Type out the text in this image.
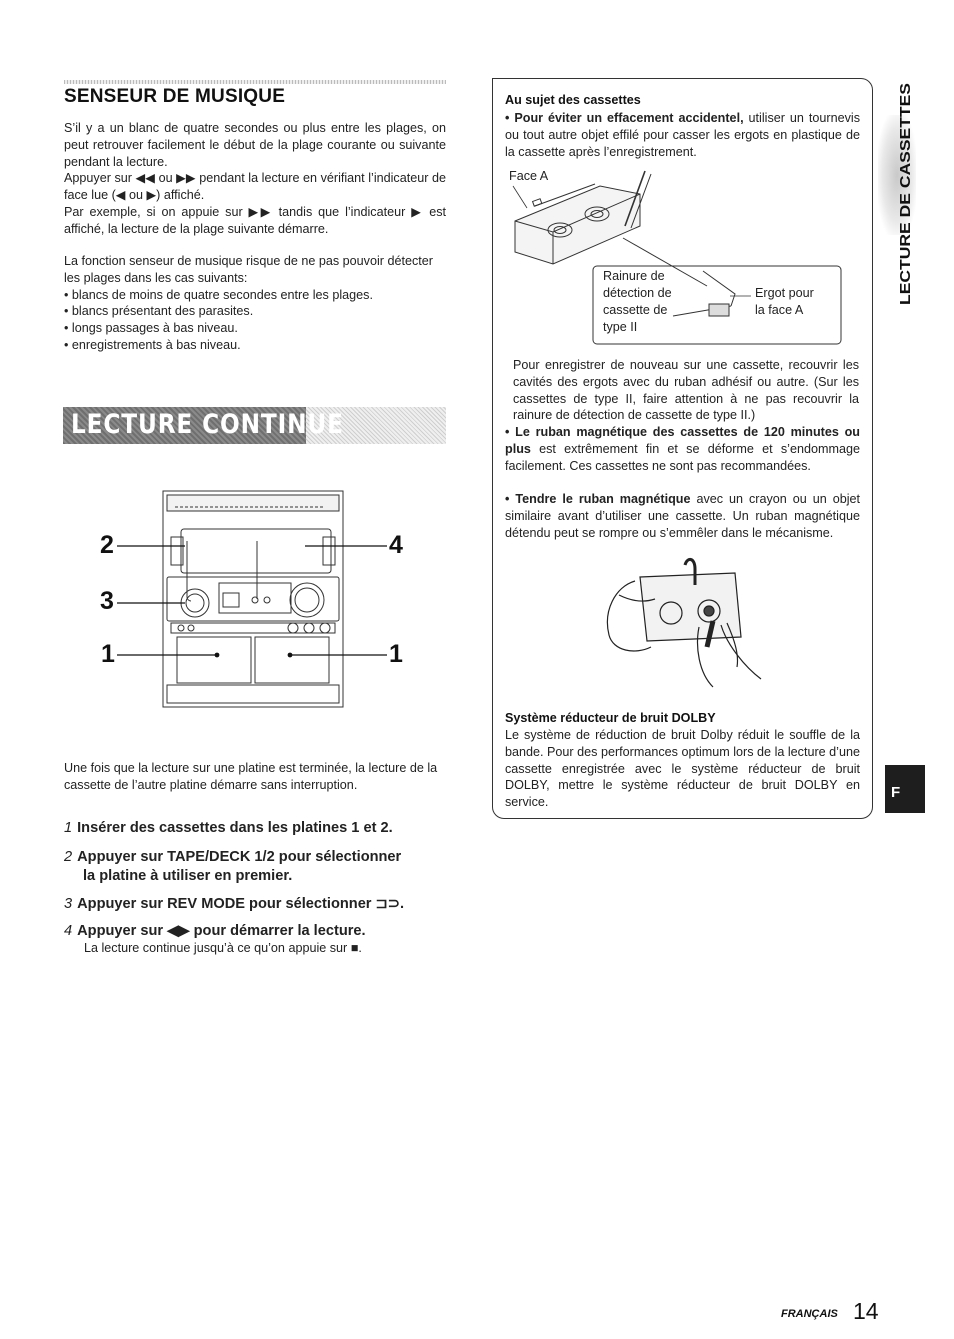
SENSEUR DE MUSIQUE

S’il y a un blanc de quatre secondes ou plus entre les plages, on peut retrouver facilement le début de la plage courante ou suivante pendant la lecture.

Appuyer sur ◀◀ ou ▶▶ pendant la lecture en vérifiant l’indicateur de face lue (◀ ou ▶) affiché.

Par exemple, si on appuie sur ▶▶ tandis que l’indicateur ▶ est affiché, la lecture de la plage suivante démarre.

La fonction senseur de musique risque de ne pas pouvoir détecter les plages dans les cas suivants:

• blancs de moins de quatre secondes entre les plages.

• blancs présentant des parasites.

• longs passages à bas niveau.

• enregistrements à bas niveau.

LECTURE CONTINUE
2
3
4
1	1
Une fois que la lecture sur une platine est terminée, la lecture de la cassette de l’autre platine démarre sans interruption.
1 Insérer des cassettes dans les platines 1 et 2.
2 Appuyer sur TAPE/DECK 1/2 pour sélectionner
la platine à utiliser en premier.
3 Appuyer sur REV MODE pour sélectionner ⊐⊃.
4 Appuyer sur ◀▶ pour démarrer la lecture.
La lecture continue jusqu’à ce qu’on appuie sur ■.
Au sujet des cassettes
• Pour éviter un effacement accidentel, utiliser un tournevis ou tout autre objet effilé pour casser les ergots en plastique de la cassette après l’enregistrement.
Face A
Rainure de
détection de
cassette de
type II
Ergot pour
la face A
Pour enregistrer de nouveau sur une cassette, recouvrir les cavités des ergots avec du ruban adhésif ou autre. (Sur les cassettes de type II, faire attention à ne pas recouvrir la rainure de détection de cassette de type II.)
• Le ruban magnétique des cassettes de 120 minutes ou plus est extrêmement fin et se déforme et s’endommage facilement. Ces cassettes ne sont pas recommandées.
• Tendre le ruban magnétique avec un crayon ou un objet similaire avant d’utiliser une cassette. Un ruban magnétique détendu peut se rompre ou s’emmêler dans le mécanisme.
Système réducteur de bruit DOLBY
Le système de réduction de bruit Dolby réduit le souffle de la bande. Pour des performances optimum lors de la lecture d’une cassette enregistrée avec le système réducteur de bruit DOLBY, mettre le système réducteur de bruit DOLBY en service.
LECTURE DE CASSETTES
F
FRANÇAIS 14
